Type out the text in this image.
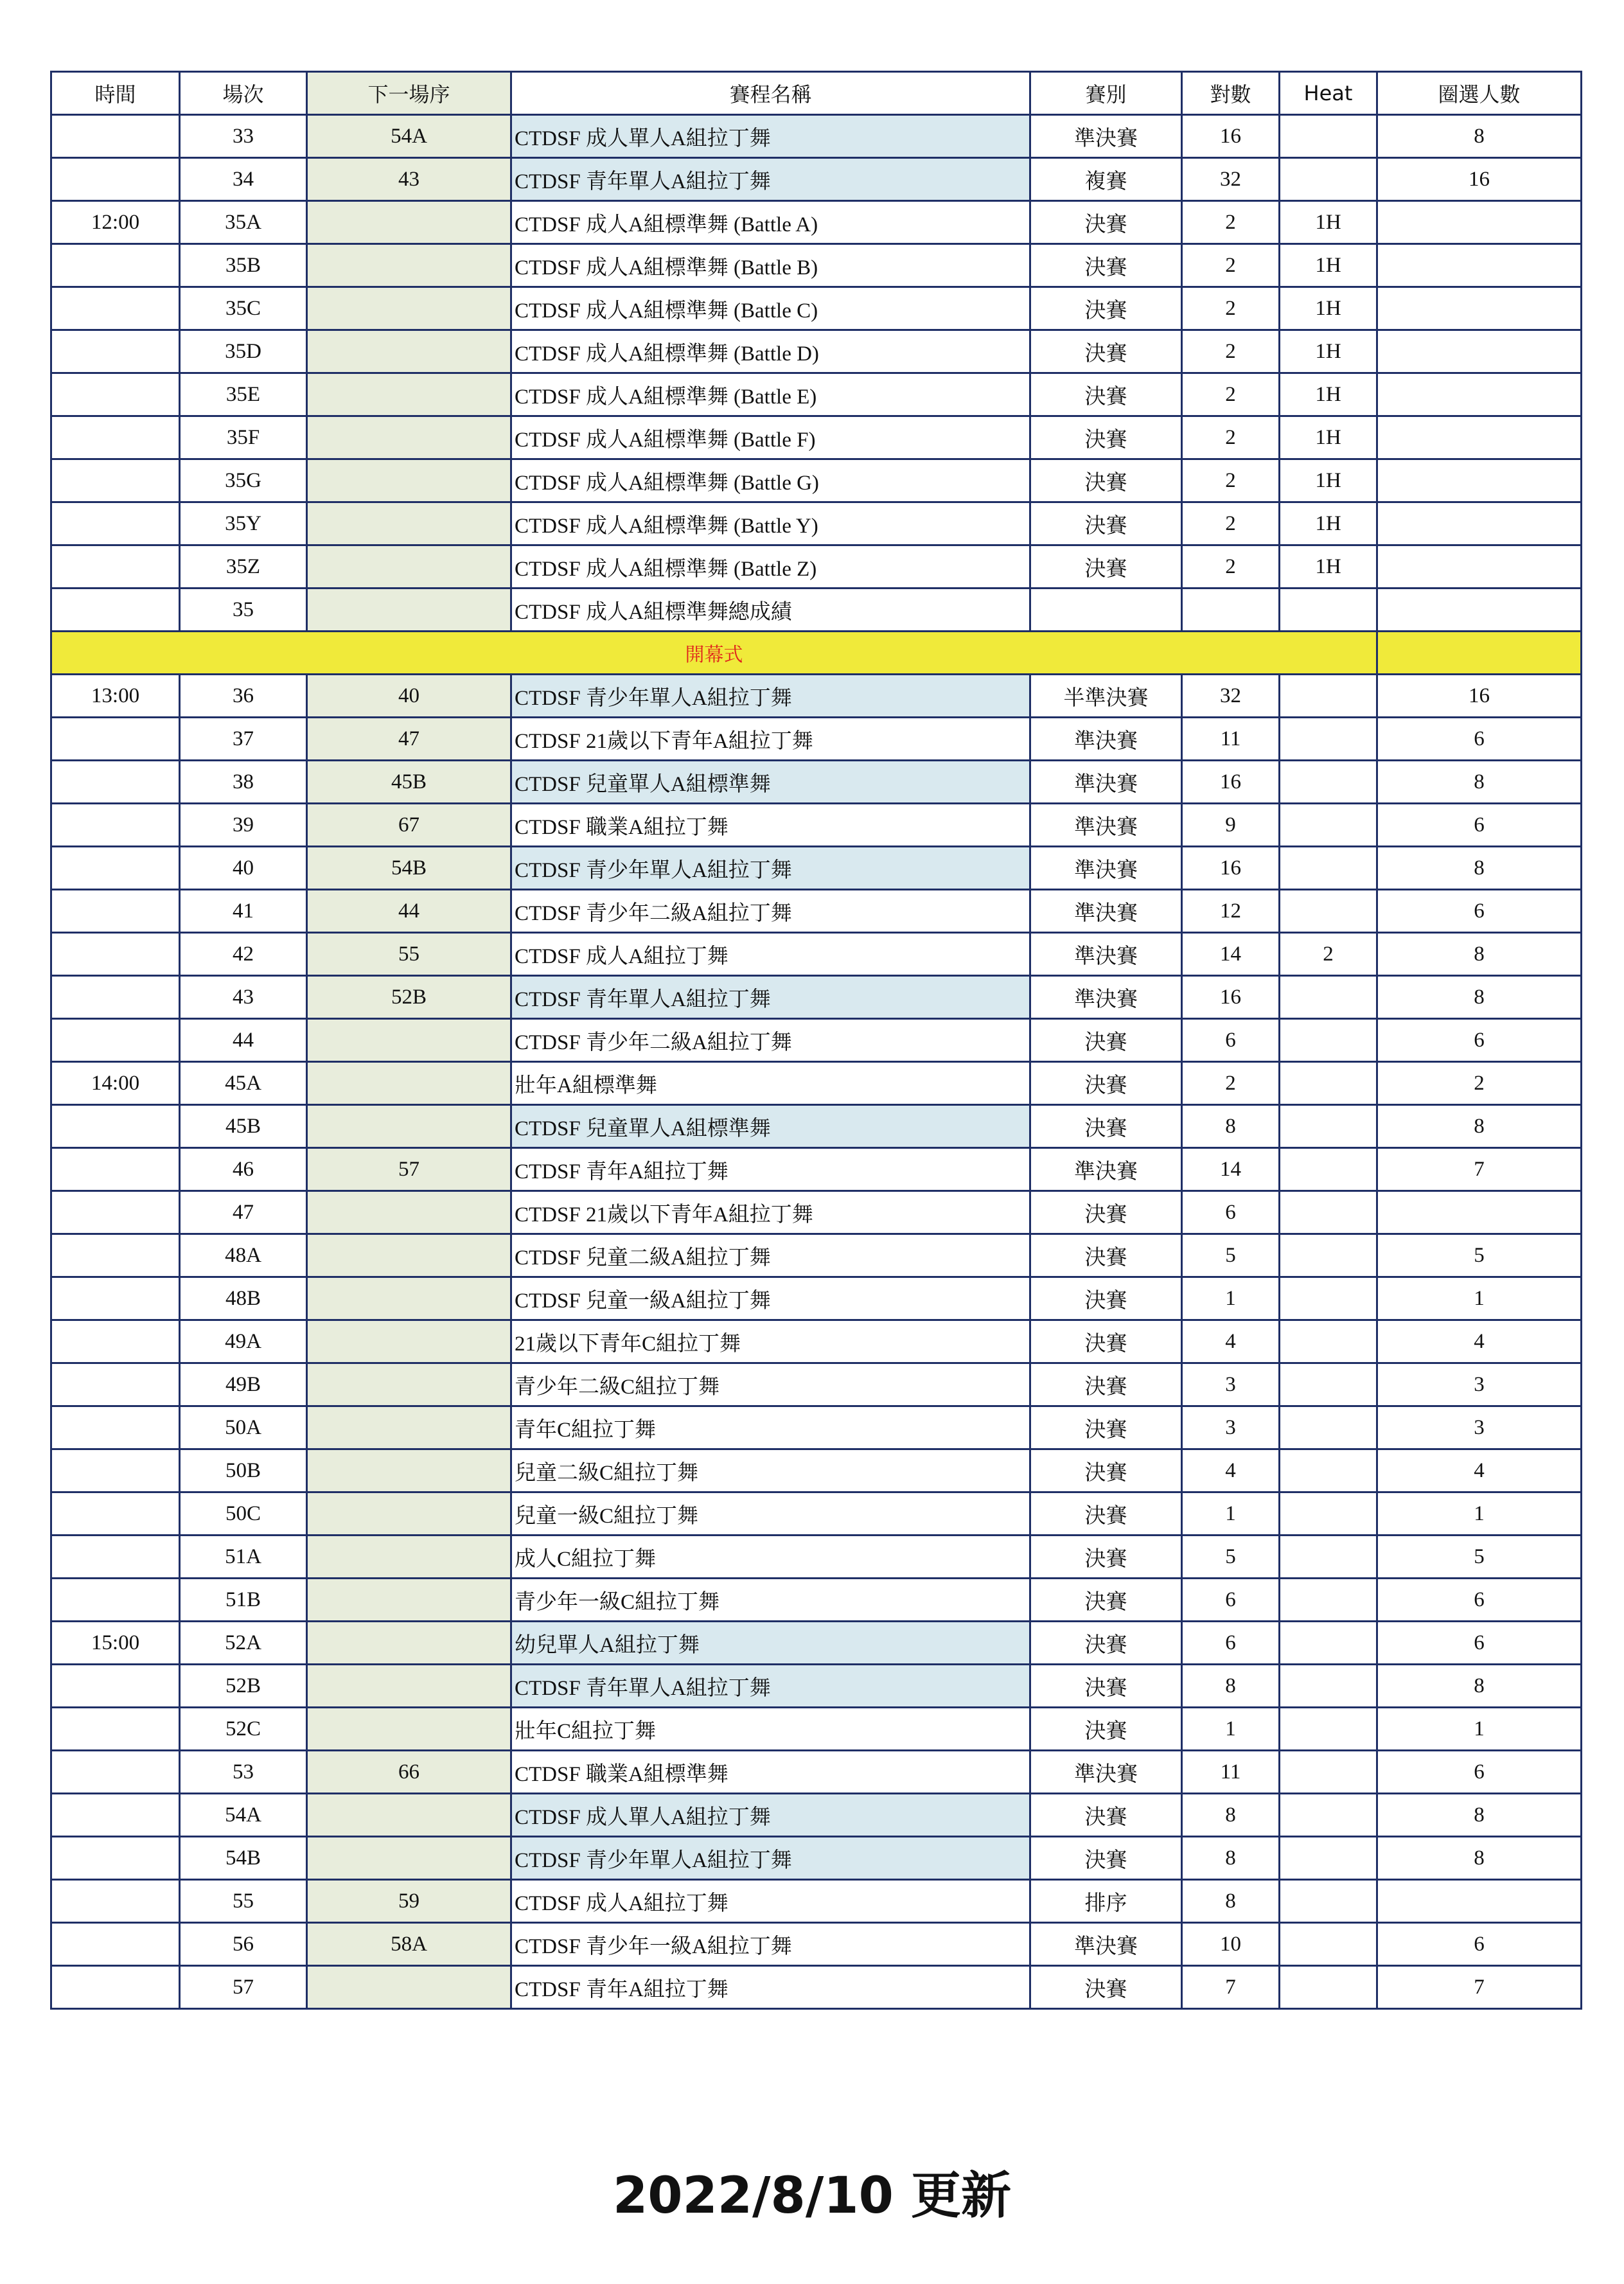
時間	場次	下一場序	賽程名稱	賽別	對數	Heat	圈選人數
	33	54A	CTDSF 成人單人A組拉丁舞	準決賽	16		8
	34	43	CTDSF 青年單人A組拉丁舞	複賽	32		16
12:00	35A		CTDSF 成人A組標準舞 (Battle A)	決賽	2	1H	
	35B		CTDSF 成人A組標準舞 (Battle B)	決賽	2	1H	
	35C		CTDSF 成人A組標準舞 (Battle C)	決賽	2	1H	
	35D		CTDSF 成人A組標準舞 (Battle D)	決賽	2	1H	
	35E		CTDSF 成人A組標準舞 (Battle E)	決賽	2	1H	
	35F		CTDSF 成人A組標準舞 (Battle F)	決賽	2	1H	
	35G		CTDSF 成人A組標準舞 (Battle G)	決賽	2	1H	
	35Y		CTDSF 成人A組標準舞 (Battle Y)	決賽	2	1H	
	35Z		CTDSF 成人A組標準舞 (Battle Z)	決賽	2	1H	
	35		CTDSF 成人A組標準舞總成績				
開幕式							
13:00	36	40	CTDSF 青少年單人A組拉丁舞	半準決賽	32		16
	37	47	CTDSF 21歲以下青年A組拉丁舞	準決賽	11		6
	38	45B	CTDSF 兒童單人A組標準舞	準決賽	16		8
	39	67	CTDSF 職業A組拉丁舞	準決賽	9		6
	40	54B	CTDSF 青少年單人A組拉丁舞	準決賽	16		8
	41	44	CTDSF 青少年二級A組拉丁舞	準決賽	12		6
	42	55	CTDSF 成人A組拉丁舞	準決賽	14	2	8
	43	52B	CTDSF 青年單人A組拉丁舞	準決賽	16		8
	44		CTDSF 青少年二級A組拉丁舞	決賽	6		6
14:00	45A		壯年A組標準舞	決賽	2		2
	45B		CTDSF 兒童單人A組標準舞	決賽	8		8
	46	57	CTDSF 青年A組拉丁舞	準決賽	14		7
	47		CTDSF 21歲以下青年A組拉丁舞	決賽	6		
	48A		CTDSF 兒童二級A組拉丁舞	決賽	5		5
	48B		CTDSF 兒童一級A組拉丁舞	決賽	1		1
	49A		21歲以下青年C組拉丁舞	決賽	4		4
	49B		青少年二級C組拉丁舞	決賽	3		3
	50A		青年C組拉丁舞	決賽	3		3
	50B		兒童二級C組拉丁舞	決賽	4		4
	50C		兒童一級C組拉丁舞	決賽	1		1
	51A		成人C組拉丁舞	決賽	5		5
	51B		青少年一級C組拉丁舞	決賽	6		6
15:00	52A		幼兒單人A組拉丁舞	決賽	6		6
	52B		CTDSF 青年單人A組拉丁舞	決賽	8		8
	52C		壯年C組拉丁舞	決賽	1		1
	53	66	CTDSF 職業A組標準舞	準決賽	11		6
	54A		CTDSF 成人單人A組拉丁舞	決賽	8		8
	54B		CTDSF 青少年單人A組拉丁舞	決賽	8		8
	55	59	CTDSF 成人A組拉丁舞	排序	8		
	56	58A	CTDSF 青少年一級A組拉丁舞	準決賽	10		6
	57		CTDSF 青年A組拉丁舞	決賽	7		7
2022/8/10 更新
